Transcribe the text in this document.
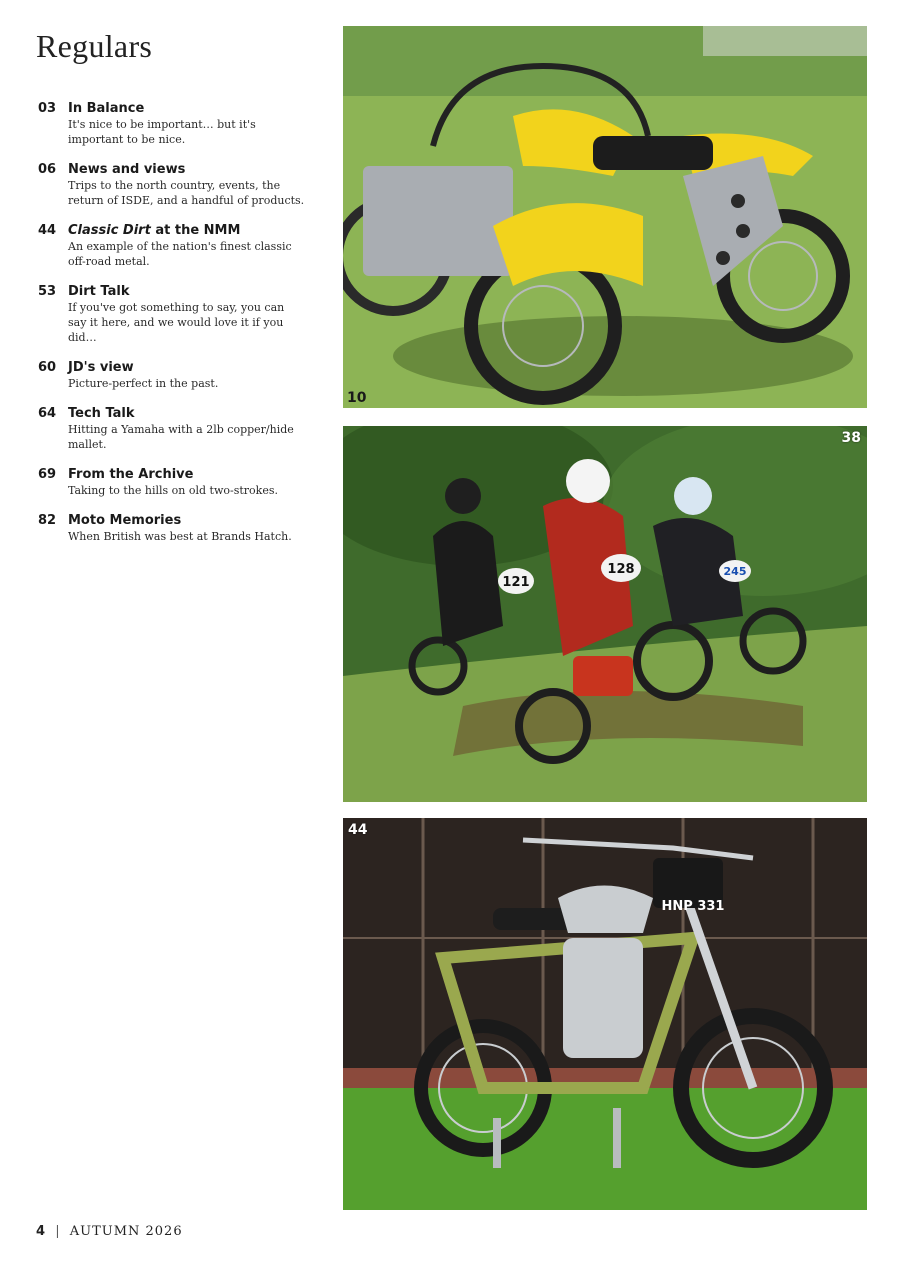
Regulars
03 In Balance
It's nice to be important… but it's important to be nice.
06 News and views
Trips to the north country, events, the return of ISDE, and a handful of products.
44 Classic Dirt at the NMM
An example of the nation's finest classic off-road metal.
53 Dirt Talk
If you've got something to say, you can say it here, and we would love it if you did…
60 JD's view
Picture-perfect in the past.
64 Tech Talk
Hitting a Yamaha with a 2lb copper/hide mallet.
69 From the Archive
Taking to the hills on old two-strokes.
82 Moto Memories
When British was best at Brands Hatch.
10
121
128	245
38
HNP 331
44
4 | AUTUMN 2026
